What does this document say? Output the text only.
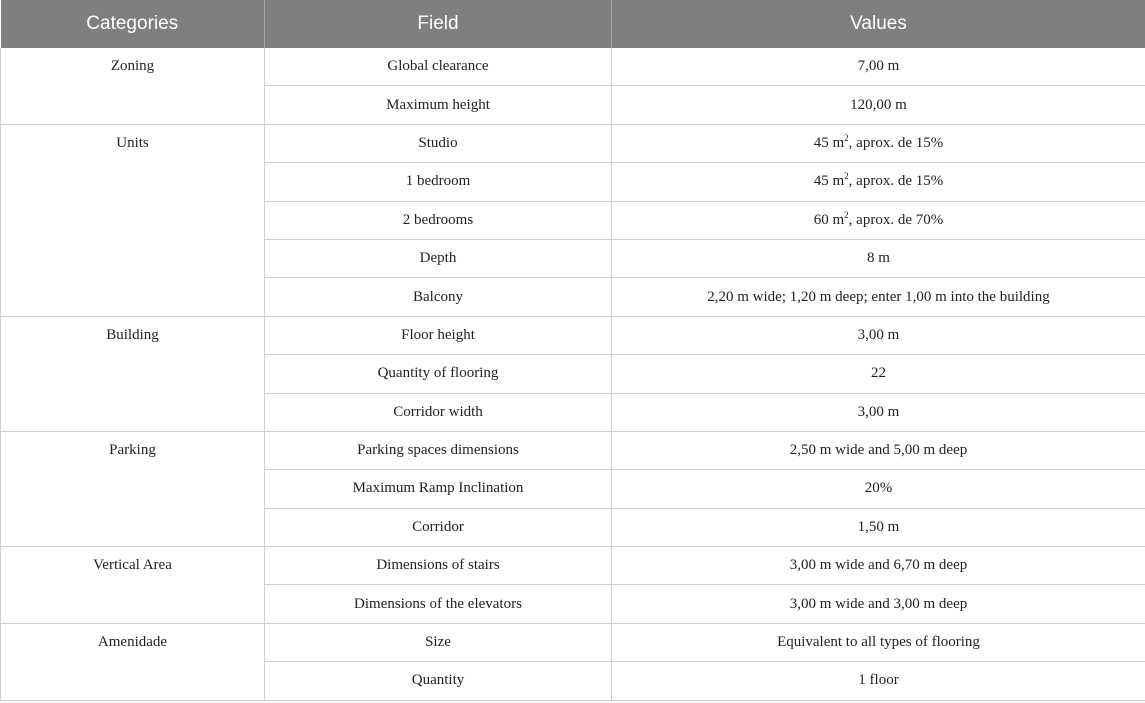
Categories	Field	Values
Zoning	Global clearance	7,00 m
	Maximum height	120,00 m
Units	Studio	45 $m^2$, aprox. de 15%
	1 bedroom	45 $m^2$, aprox. de 15%
	2 bedrooms	60 $m^2$, aprox. de 70%
	Depth	8 m
	Balcony	2,20 m wide; 1,20 m deep; enter 1,00 m into the building
Building	Floor height	3,00 m
	Quantity of flooring	22
	Corridor width	3,00 m
Parking	Parking spaces dimensions	2,50 m wide and 5,00 m deep
	Maximum Ramp Inclination	20%
	Corridor	1,50 m
Vertical Area	Dimensions of stairs	3,00 m wide and 6,70 m deep
	Dimensions of the elevators	3,00 m wide and 3,00 m deep
Amenidade	Size	Equivalent to all types of flooring
	Quantity	1 floor
